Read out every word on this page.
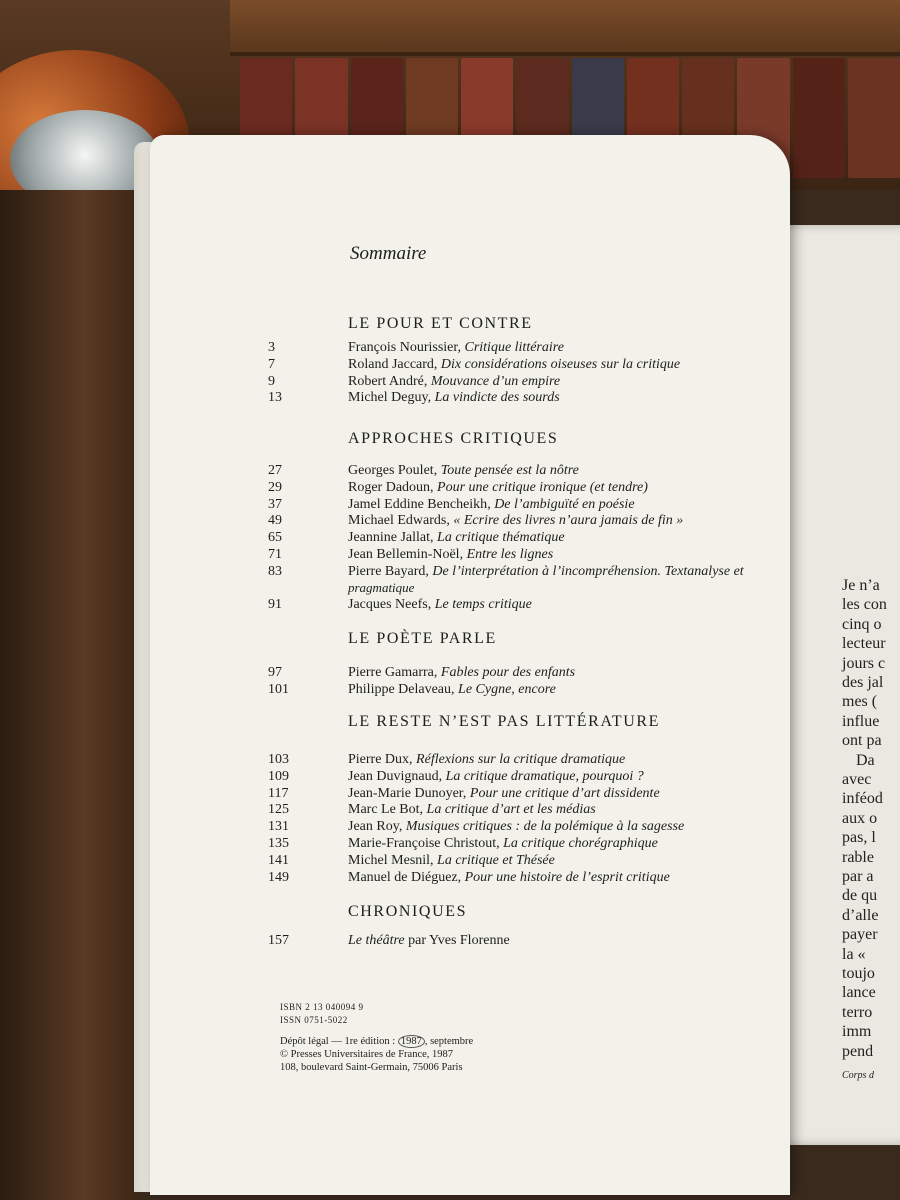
Je n’a
les con
cinq o
lecteur
jours c
des jal
mes (
influe
ont pa
Da
avec
inféod
aux o
pas, l
rable
par a
de qu
d’alle
payer
la «
toujo
lance
terro
imm
pend
Corps d
Sommaire
LE POUR ET CONTRE
3	François Nourissier, Critique littéraire
7	Roland Jaccard, Dix considérations oiseuses sur la critique
9	Robert André, Mouvance d’un empire
13	Michel Deguy, La vindicte des sourds
APPROCHES CRITIQUES
27	Georges Poulet, Toute pensée est la nôtre
29	Roger Dadoun, Pour une critique ironique (et tendre)
37	Jamel Eddine Bencheikh, De l’ambiguïté en poésie
49	Michael Edwards, « Ecrire des livres n’aura jamais de fin »
65	Jeannine Jallat, La critique thématique
71	Jean Bellemin-Noël, Entre les lignes
83	Pierre Bayard, De l’interprétation à l’incompréhension. Textanalyse et
pragmatique
91	Jacques Neefs, Le temps critique
LE POÈTE PARLE
97	Pierre Gamarra, Fables pour des enfants
101	Philippe Delaveau, Le Cygne, encore
LE RESTE N’EST PAS LITTÉRATURE
103	Pierre Dux, Réflexions sur la critique dramatique
109	Jean Duvignaud, La critique dramatique, pourquoi ?
117	Jean-Marie Dunoyer, Pour une critique d’art dissidente
125	Marc Le Bot, La critique d’art et les médias
131	Jean Roy, Musiques critiques : de la polémique à la sagesse
135	Marie-Françoise Christout, La critique chorégraphique
141	Michel Mesnil, La critique et Thésée
149	Manuel de Diéguez, Pour une histoire de l’esprit critique
CHRONIQUES
157	Le théâtre par Yves Florenne
ISBN 2 13 040094 9
ISSN 0751-5022
Dépôt légal — 1re édition : 1987 , septembre
© Presses Universitaires de France, 1987
108, boulevard Saint-Germain, 75006 Paris
